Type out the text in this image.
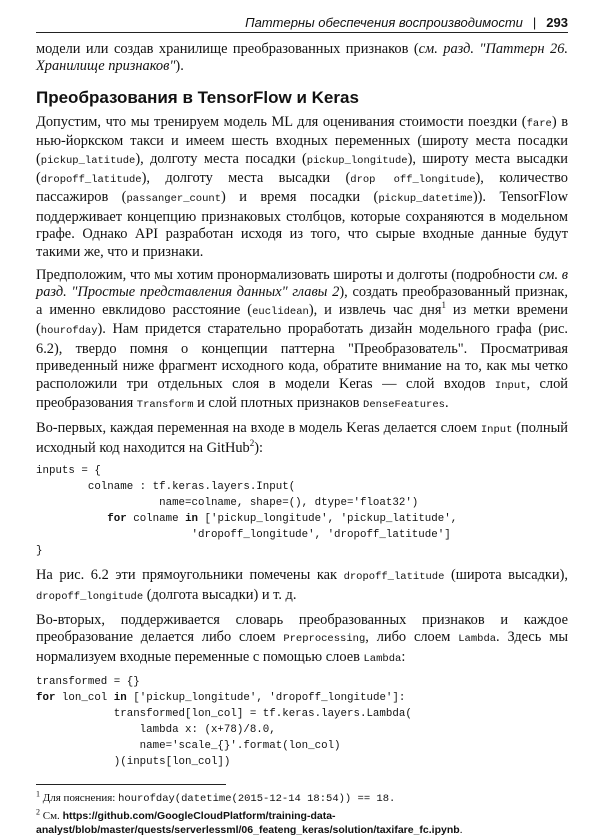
Паттерны обеспечения воспроизводимости | 293

модели или создав хранилище преобразованных признаков (см. разд. "Паттерн 26. Хранилище признаков").

Преобразования в TensorFlow и Keras

Допустим, что мы тренируем модель ML для оценивания стоимости поездки (fare) в нью-йоркском такси и имеем шесть входных переменных (широту места посадки (pickup_latitude), долготу места посадки (pickup_longitude), широту места высадки (dropoff_latitude), долготу места высадки (drop off_longitude), количество пассажиров (passanger_count) и время посадки (pickup_datetime)). TensorFlow поддерживает концепцию признаковых столбцов, которые сохраняются в модельном графе. Однако API разработан исходя из того, что сырые входные данные будут такими же, что и признаки.

Предположим, что мы хотим пронормализовать широты и долготы (подробности см. в разд. "Простые представления данных" главы 2), создать преобразованный признак, а именно евклидово расстояние (euclidean), и извлечь час дня$^1$ из метки времени (hourofday). Нам придется старательно проработать дизайн модельного графа (рис. 6.2), твердо помня о концепции паттерна "Преобразователь". Просматривая приведенный ниже фрагмент исходного кода, обратите внимание на то, как мы четко расположили три отдельных слоя в модели Keras — слой входов Input, слой преобразования Transform и слой плотных признаков DenseFeatures.

Во-первых, каждая переменная на входе в модель Keras делается слоем Input (полный исходный код находится на GitHub$^2$):

inputs = {
colname : tf.keras.layers.Input(
name=colname, shape=(), dtype='float32')
for colname in ['pickup_longitude', 'pickup_latitude',
'dropoff_longitude', 'dropoff_latitude']
}

На рис. 6.2 эти прямоугольники помечены как dropoff_latitude (широта высадки), dropoff_longitude (долгота высадки) и т. д.

Во-вторых, поддерживается словарь преобразованных признаков и каждое преобразование делается либо слоем Preprocessing, либо слоем Lambda. Здесь мы нормализуем входные переменные с помощью слоев Lambda:

transformed = {}
for lon_col in ['pickup_longitude', 'dropoff_longitude']:
transformed[lon_col] = tf.keras.layers.Lambda(
lambda x: (x+78)/8.0,
name='scale_{}'.format(lon_col)
)(inputs[lon_col])
$^1$ Для пояснения: hourofday(datetime(2015-12-14 18:54)) == 18.
$^2$ См. https://github.com/GoogleCloudPlatform/training-data-analyst/blob/master/quests/serverlessml/06_feateng_keras/solution/taxifare_fc.ipynb.
